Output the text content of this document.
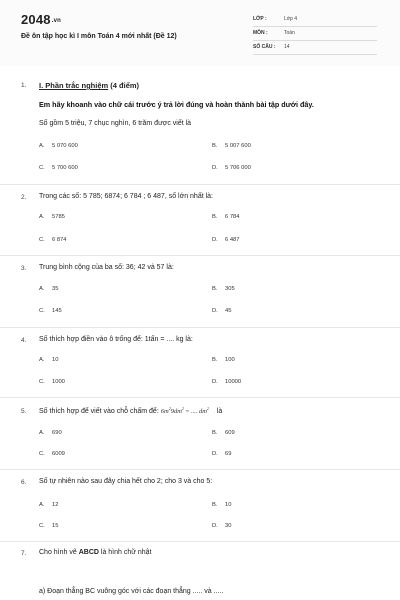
2048.vn
Đề ôn tập học kì I môn Toán 4 mới nhất (Đề 12)
LỚP :	Lớp 4
MÔN :	Toán
SỐ CÂU : 14
1. I. Phần trắc nghiệm (4 điểm)
Em hãy khoanh vào chữ cái trước ý trả lời đúng và hoàn thành bài tập dưới đây.
Số gồm 5 triệu, 7 chục nghìn, 6 trăm được viết là
A. 5 070 600	B. 5 007 600
C. 5 700 600	D. 5 706 000
2. Trong các số: 5 785; 6874; 6 784 ; 6 487, số lớn nhất là:
A. 5785	B. 6 784
C. 6 874	D. 6 487
3. Trung bình cộng của ba số: 36; 42 và 57 là:
A. 35	B. 305
C. 145	D. 45
4. Số thích hợp điền vào ô trống để: 1tấn = .... kg là:
A. 10	B. 100
C. 1000	D. 10000
5. Số thích hợp để viết vào chỗ chấm để: $6m^29dm^2$ = .... $dm^2$ là
A. 690	B. 609
C. 6009	D. 69
6. Số tự nhiên nào sau đây chia hết cho 2; cho 3 và cho 5:
A. 12	B. 10
C. 15	D. 30
7. Cho hình vẽ ABCD là hình chữ nhật
a) Đoạn thẳng BC vuông góc với các đoạn thẳng ..... và .....
